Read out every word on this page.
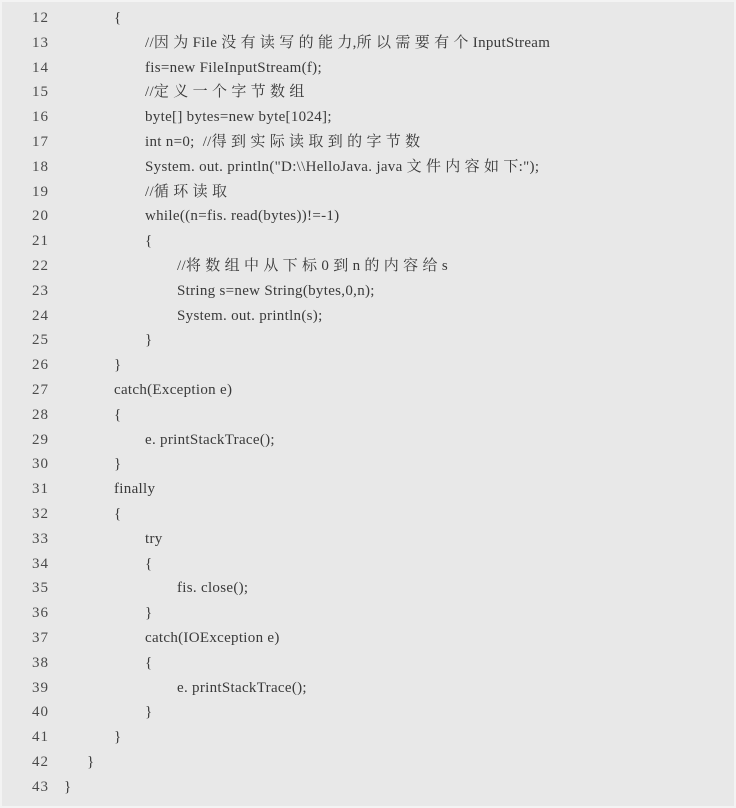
12	{
13	//因 为 File 没 有 读 写 的 能 力,所 以 需 要 有 个 InputStream
14	fis=new FileInputStream(f);
15	//定 义 一 个 字 节 数 组
16	byte[] bytes=new byte[1024];
17	int n=0;  //得 到 实 际 读 取 到 的 字 节 数
18	System. out. println("D:\\HelloJava. java 文 件 内 容 如 下:");
19	//循 环 读 取
20	while((n=fis. read(bytes))!=-1)
21	{
22	//将 数 组 中 从 下 标 0 到 n 的 内 容 给 s
23	String s=new String(bytes,0,n);
24	System. out. println(s);
25	}
26	}
27	catch(Exception e)
28	{
29	e. printStackTrace();
30	}
31	finally
32	{
33	try
34	{
35	fis. close();
36	}
37	catch(IOException e)
38	{
39	e. printStackTrace();
40	}
41	}
42	}
43	}
